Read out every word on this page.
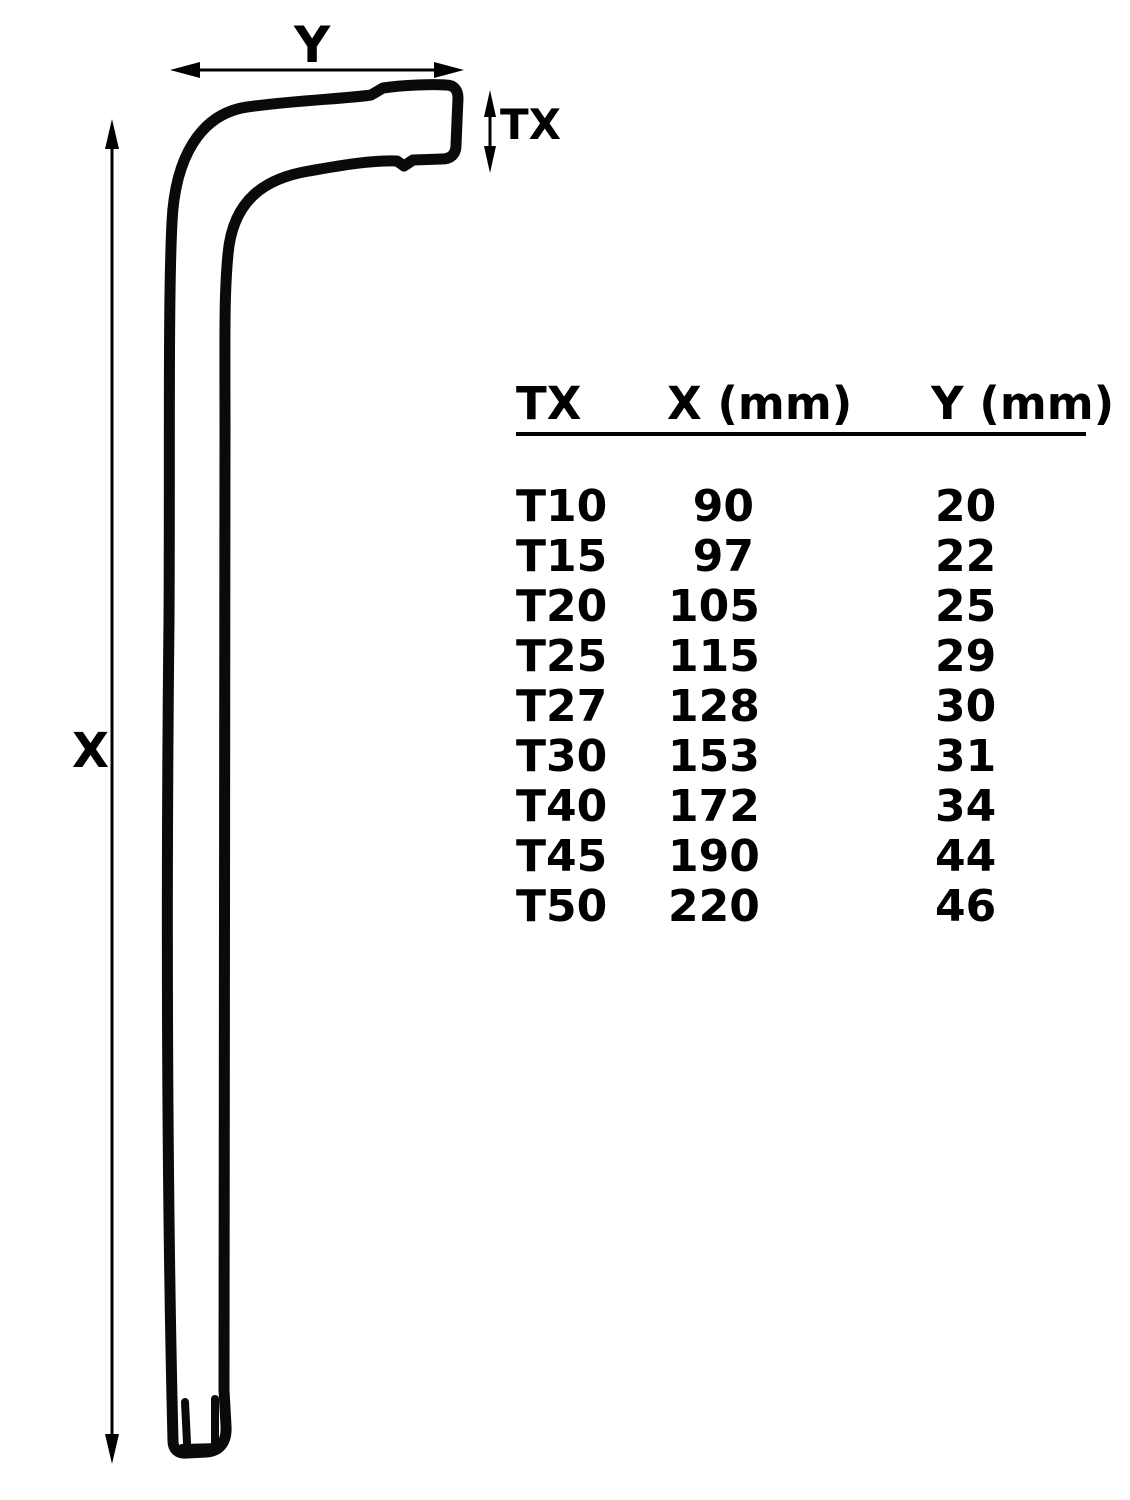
Y
X
TX
TX X (mm) Y (mm)
T10	90	20
T15	97	22
T20	105	25
T25	115	29
T27	128	30
T30	153	31
T40	172	34
T45	190	44
T50	220	46
